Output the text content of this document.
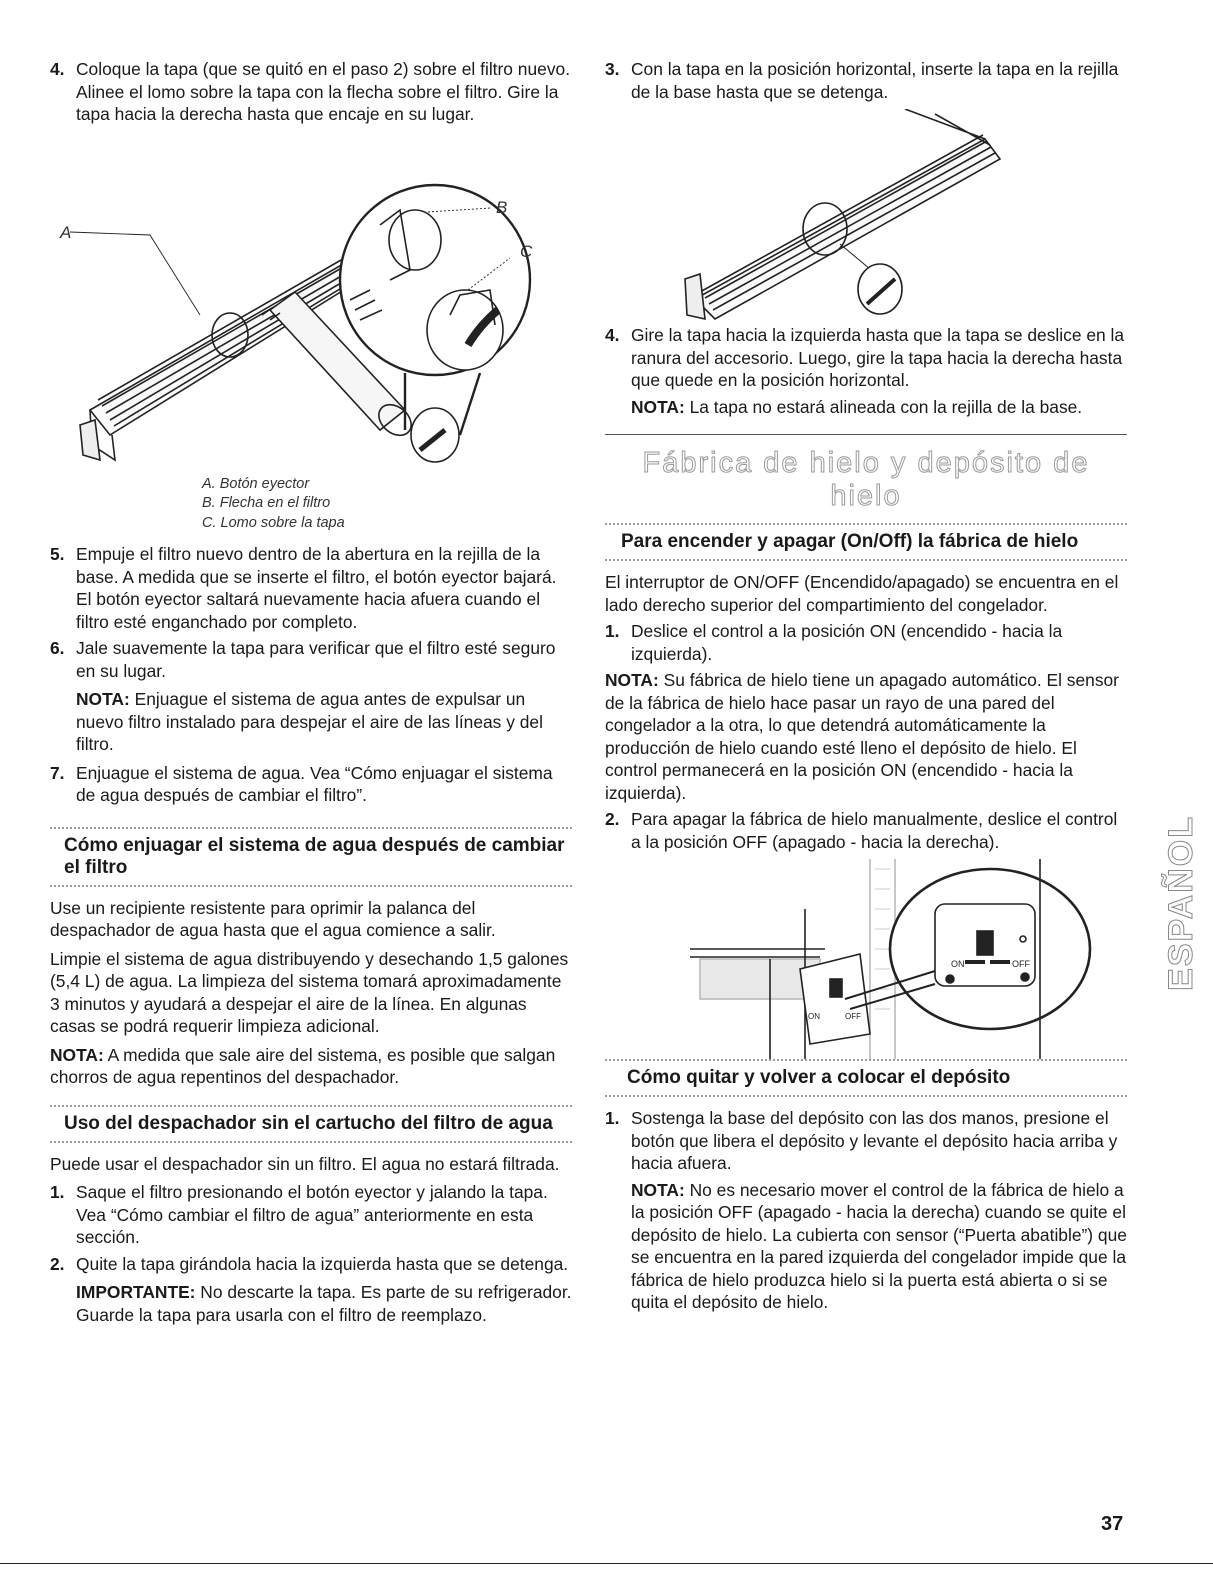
4. Coloque la tapa (que se quitó en el paso 2) sobre el filtro nuevo. Alinee el lomo sobre la tapa con la flecha sobre el filtro. Gire la tapa hacia la derecha hasta que encaje en su lugar.

A
B
C
A. Botón eyector
B. Flecha en el filtro
C. Lomo sobre la tapa
5. Empuje el filtro nuevo dentro de la abertura en la rejilla de la base. A medida que se inserte el filtro, el botón eyector bajará. El botón eyector saltará nuevamente hacia afuera cuando el filtro esté enganchado por completo.

6. Jale suavemente la tapa para verificar que el filtro esté seguro en su lugar.

NOTA: Enjuague el sistema de agua antes de expulsar un nuevo filtro instalado para despejar el aire de las líneas y del filtro.

7. Enjuague el sistema de agua. Vea “Cómo enjuagar el sistema de agua después de cambiar el filtro”.

Cómo enjuagar el sistema de agua después de cambiar el filtro

Use un recipiente resistente para oprimir la palanca del despachador de agua hasta que el agua comience a salir.

Limpie el sistema de agua distribuyendo y desechando 1,5 galones (5,4 L) de agua. La limpieza del sistema tomará aproximadamente 3 minutos y ayudará a despejar el aire de la línea. En algunas casas se podrá requerir limpieza adicional.

NOTA: A medida que sale aire del sistema, es posible que salgan chorros de agua repentinos del despachador.

Uso del despachador sin el cartucho del filtro de agua

Puede usar el despachador sin un filtro. El agua no estará filtrada.

1. Saque el filtro presionando el botón eyector y jalando la tapa. Vea “Cómo cambiar el filtro de agua” anteriormente en esta sección.

2. Quite la tapa girándola hacia la izquierda hasta que se detenga.

IMPORTANTE: No descarte la tapa. Es parte de su refrigerador. Guarde la tapa para usarla con el filtro de reemplazo.

3. Con la tapa en la posición horizontal, inserte la tapa en la rejilla de la base hasta que se detenga.

4. Gire la tapa hacia la izquierda hasta que la tapa se deslice en la ranura del accesorio. Luego, gire la tapa hacia la derecha hasta que quede en la posición horizontal.

NOTA: La tapa no estará alineada con la rejilla de la base.

Fábrica de hielo y depósito de hielo
Para encender y apagar (On/Off) la fábrica de hielo

El interruptor de ON/OFF (Encendido/apagado) se encuentra en el lado derecho superior del compartimiento del congelador.

1. Deslice el control a la posición ON (encendido - hacia la izquierda).

NOTA: Su fábrica de hielo tiene un apagado automático. El sensor de la fábrica de hielo hace pasar un rayo de una pared del congelador a la otra, lo que detendrá automáticamente la producción de hielo cuando esté lleno el depósito de hielo. El control permanecerá en la posición ON (encendido - hacia la izquierda).

2. Para apagar la fábrica de hielo manualmente, deslice el control a la posición OFF (apagado - hacia la derecha).

ON	OFF
ON	OFF
Cómo quitar y volver a colocar el depósito
1. Sostenga la base del depósito con las dos manos, presione el botón que libera el depósito y levante el depósito hacia arriba y hacia afuera.

NOTA: No es necesario mover el control de la fábrica de hielo a la posición OFF (apagado - hacia la derecha) cuando se quite el depósito de hielo. La cubierta con sensor (“Puerta abatible”) que se encuentra en la pared izquierda del congelador impide que la fábrica de hielo produzca hielo si la puerta está abierta o si se quita el depósito de hielo.

ESPAÑOL
37
